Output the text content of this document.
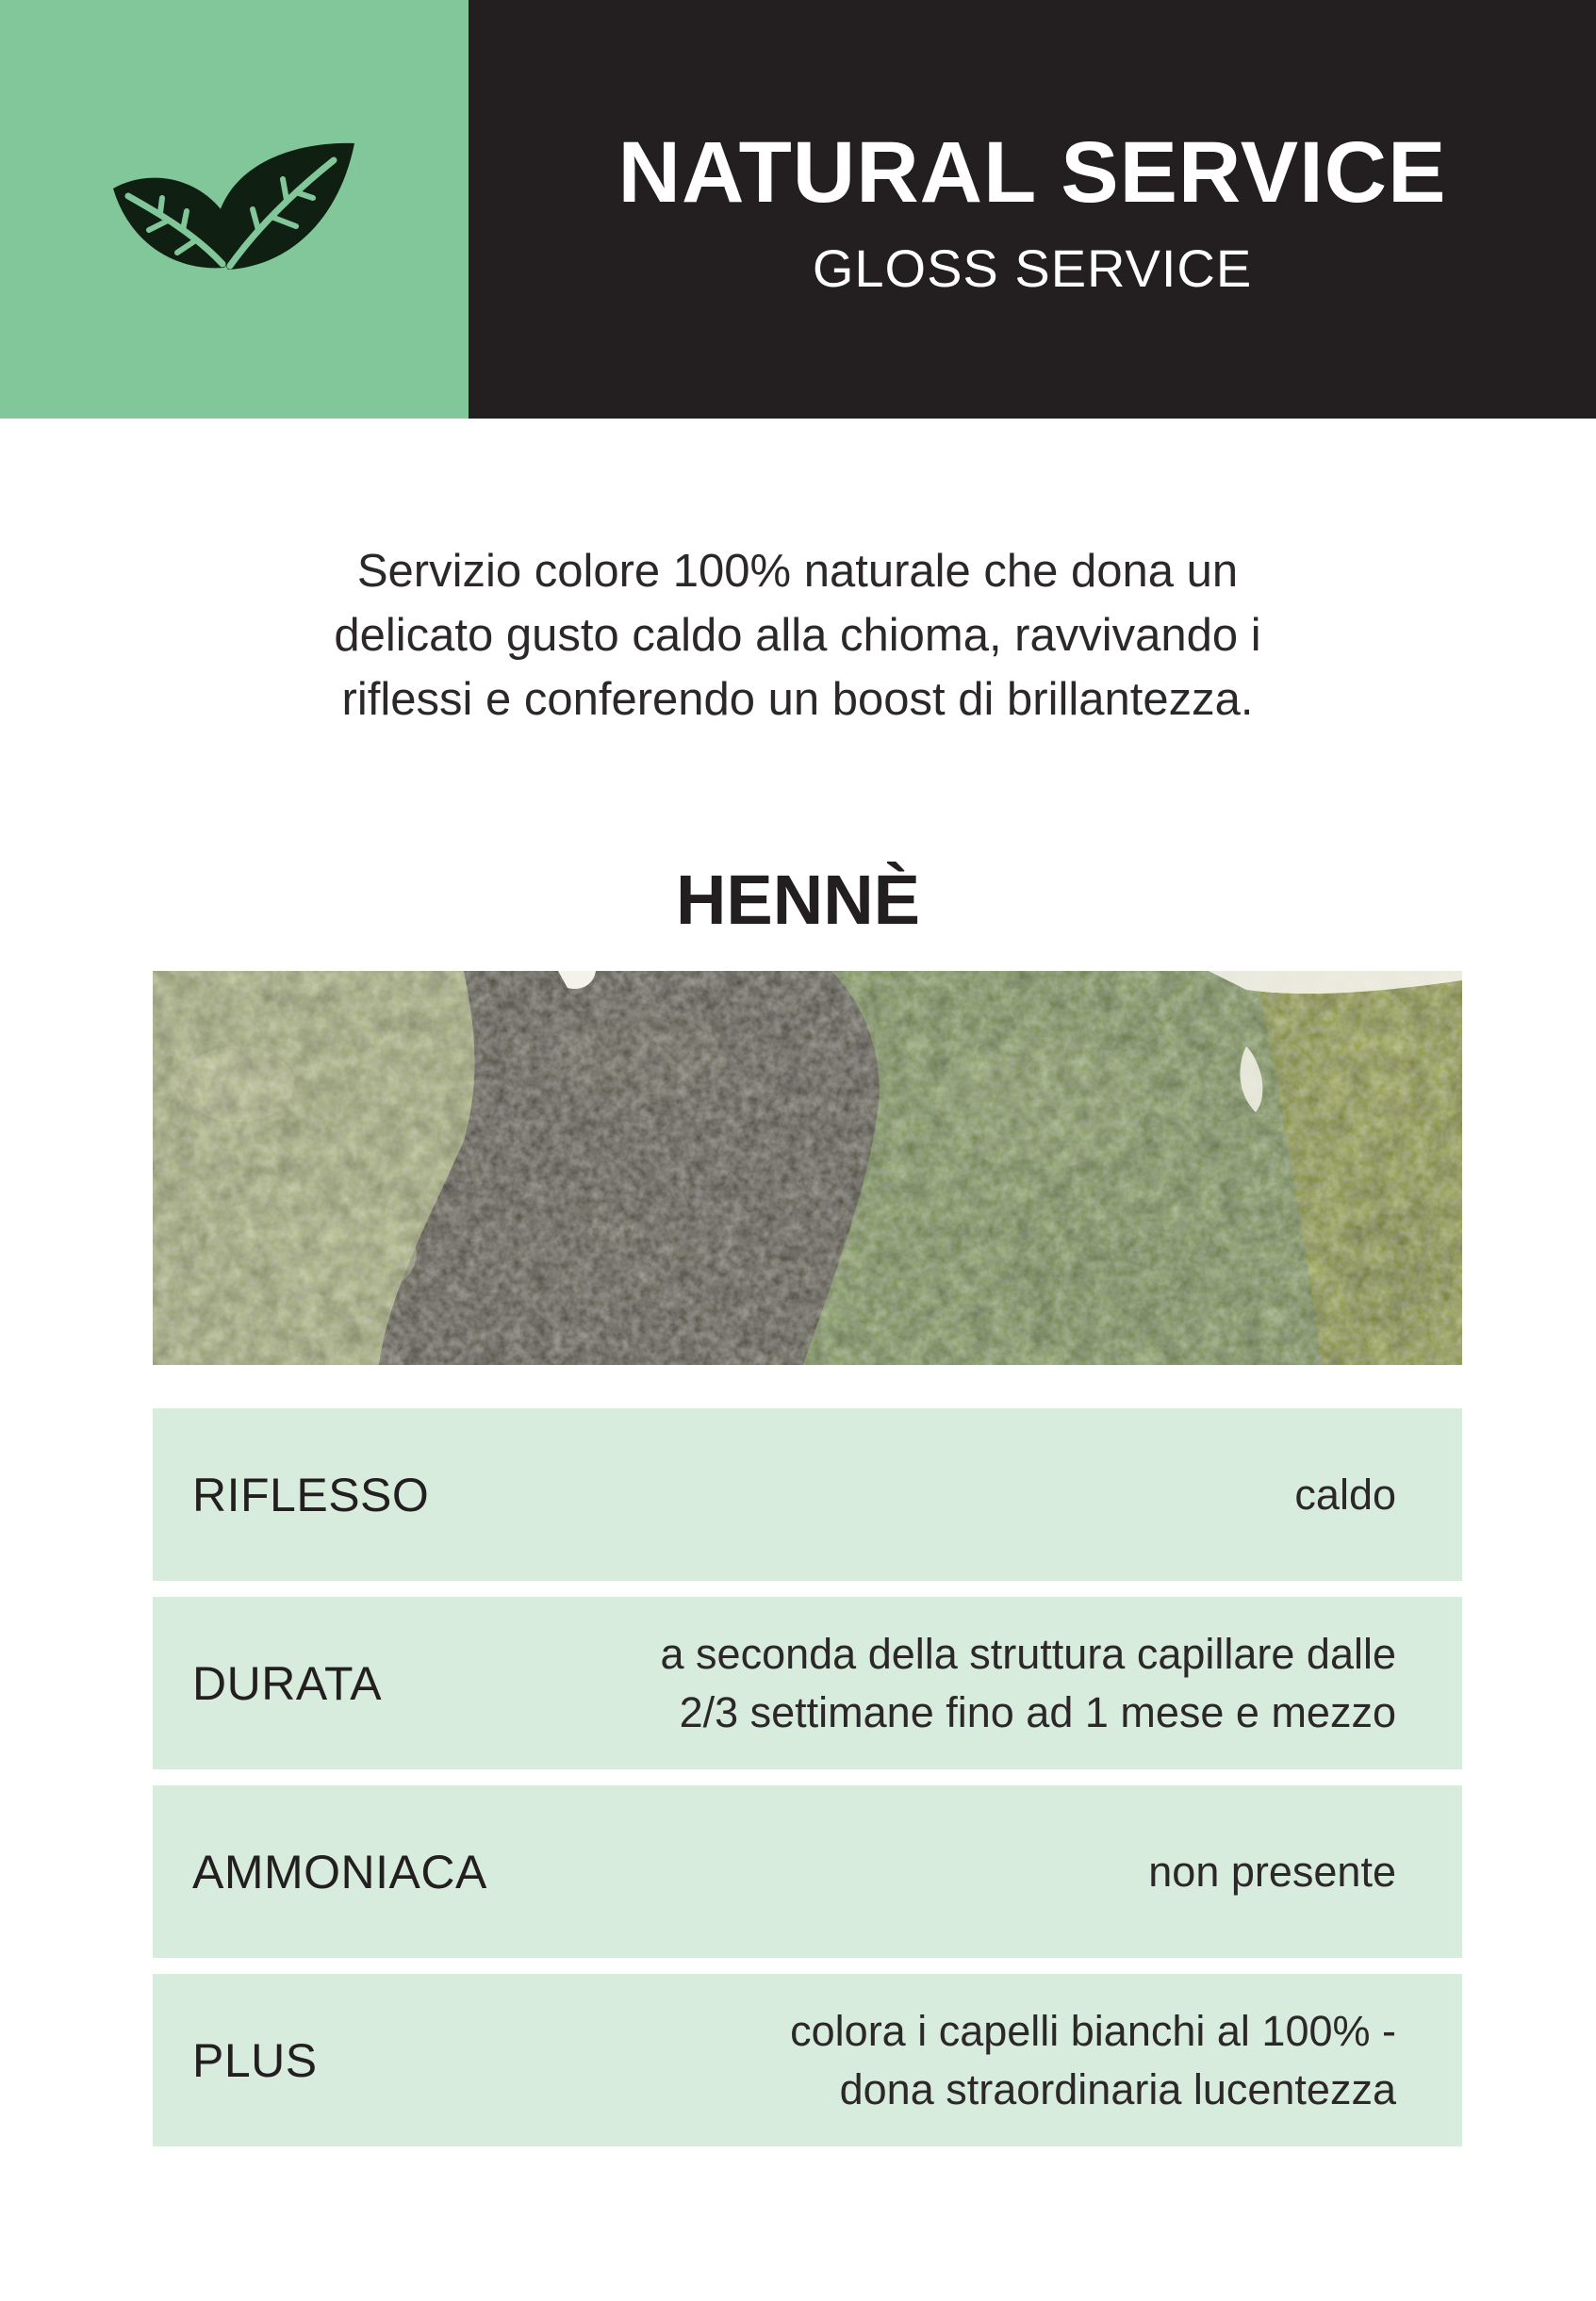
NATURAL SERVICE
GLOSS SERVICE
Servizio colore 100% naturale che dona un
delicato gusto caldo alla chioma, ravvivando i
riflessi e conferendo un boost di brillantezza.
HENNÈ
RIFLESSO	caldo
DURATA
a seconda della struttura capillare dalle
2/3 settimane fino ad 1 mese e mezzo
AMMONIACA	non presente
PLUS
colora i capelli bianchi al 100% -
dona straordinaria lucentezza
